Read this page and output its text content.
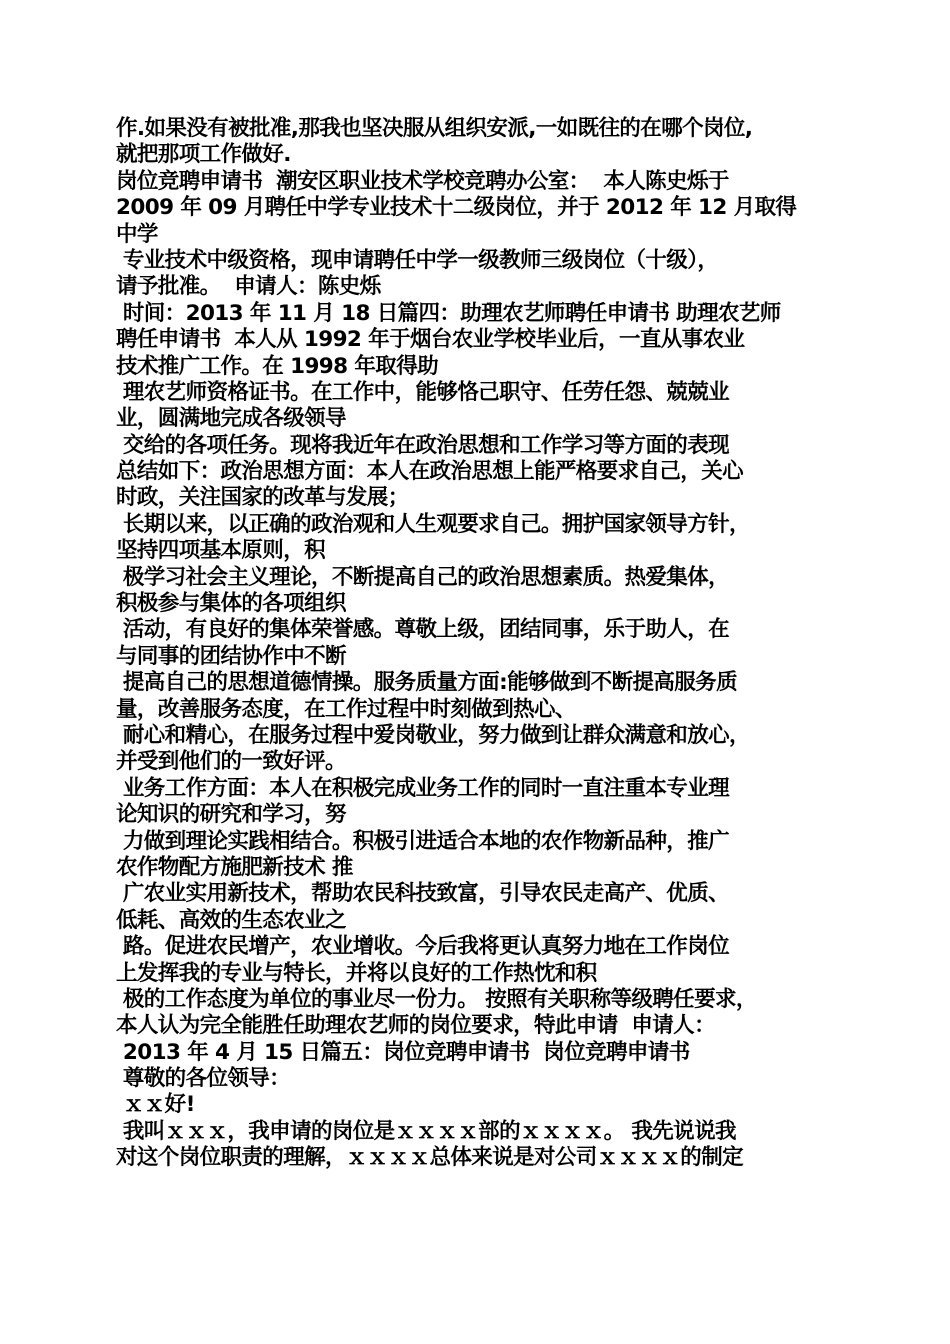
作.如果没有被批准,那我也坚决服从组织安派,一如既往的在哪个岗位,
就把那项工作做好.
岗位竞聘申请书  潮安区职业技术学校竞聘办公室：  本人陈史烁于
2009 年 09 月聘任中学专业技术十二级岗位，并于 2012 年 12 月取得
中学
专业技术中级资格，现申请聘任中学一级教师三级岗位（十级），
请予批准。  申请人：陈史烁
时间：2013 年 11 月 18 日篇四：助理农艺师聘任申请书 助理农艺师
聘任申请书  本人从 1992 年于烟台农业学校毕业后，一直从事农业
技术推广工作。在 1998 年取得助
理农艺师资格证书。在工作中，能够恪己职守、任劳任怨、兢兢业
业，圆满地完成各级领导
交给的各项任务。现将我近年在政治思想和工作学习等方面的表现
总结如下：政治思想方面：本人在政治思想上能严格要求自己，关心
时政，关注国家的改革与发展；
长期以来，以正确的政治观和人生观要求自己。拥护国家领导方针，
坚持四项基本原则，积
极学习社会主义理论，不断提高自己的政治思想素质。热爱集体，
积极参与集体的各项组织
活动，有良好的集体荣誉感。尊敬上级，团结同事，乐于助人，在
与同事的团结协作中不断
提高自己的思想道德情操。服务质量方面:能够做到不断提高服务质
量，改善服务态度，在工作过程中时刻做到热心、
耐心和精心，在服务过程中爱岗敬业，努力做到让群众满意和放心，
并受到他们的一致好评。
业务工作方面：本人在积极完成业务工作的同时一直注重本专业理
论知识的研究和学习，努
力做到理论实践相结合。积极引进适合本地的农作物新品种，推广
农作物配方施肥新技术 推
广农业实用新技术，帮助农民科技致富，引导农民走高产、优质、
低耗、高效的生态农业之
路。促进农民增产，农业增收。今后我将更认真努力地在工作岗位
上发挥我的专业与特长，并将以良好的工作热忱和积
极的工作态度为单位的事业尽一份力。 按照有关职称等级聘任要求，
本人认为完全能胜任助理农艺师的岗位要求，特此申请  申请人：
2013 年 4 月 15 日篇五：岗位竞聘申请书  岗位竞聘申请书
尊敬的各位领导：
ｘｘ好!
我叫ｘｘｘ，我申请的岗位是ｘｘｘｘ部的ｘｘｘｘ。 我先说说我
对这个岗位职责的理解，ｘｘｘｘ总体来说是对公司ｘｘｘｘ的制定
